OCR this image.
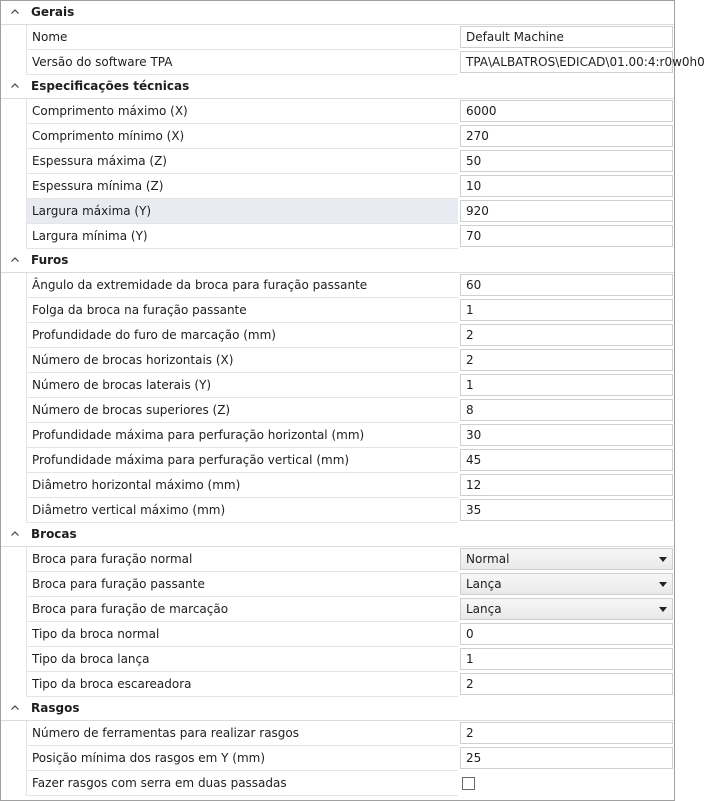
Gerais
Nome	Default Machine
Versão do software TPA	TPA\ALBATROS\EDICAD\01.00:4:r0w0h0
Especificações técnicas
Comprimento máximo (X)	6000
Comprimento mínimo (X)	270
Espessura máxima (Z)	50
Espessura mínima (Z)	10
Largura máxima (Y)	920
Largura mínima (Y)	70
Furos
Ângulo da extremidade da broca para furação passante	60
Folga da broca na furação passante	1
Profundidade do furo de marcação (mm)	2
Número de brocas horizontais (X)	2
Número de brocas laterais (Y)	1
Número de brocas superiores (Z)	8
Profundidade máxima para perfuração horizontal (mm)	30
Profundidade máxima para perfuração vertical (mm)	45
Diâmetro horizontal máximo (mm)	12
Diâmetro vertical máximo (mm)	35
Brocas
Broca para furação normal	Normal
Broca para furação passante	Lança
Broca para furação de marcação	Lança
Tipo da broca normal	0
Tipo da broca lança	1
Tipo da broca escareadora	2
Rasgos
Número de ferramentas para realizar rasgos	2
Posição mínima dos rasgos em Y (mm)	25
Fazer rasgos com serra em duas passadas
